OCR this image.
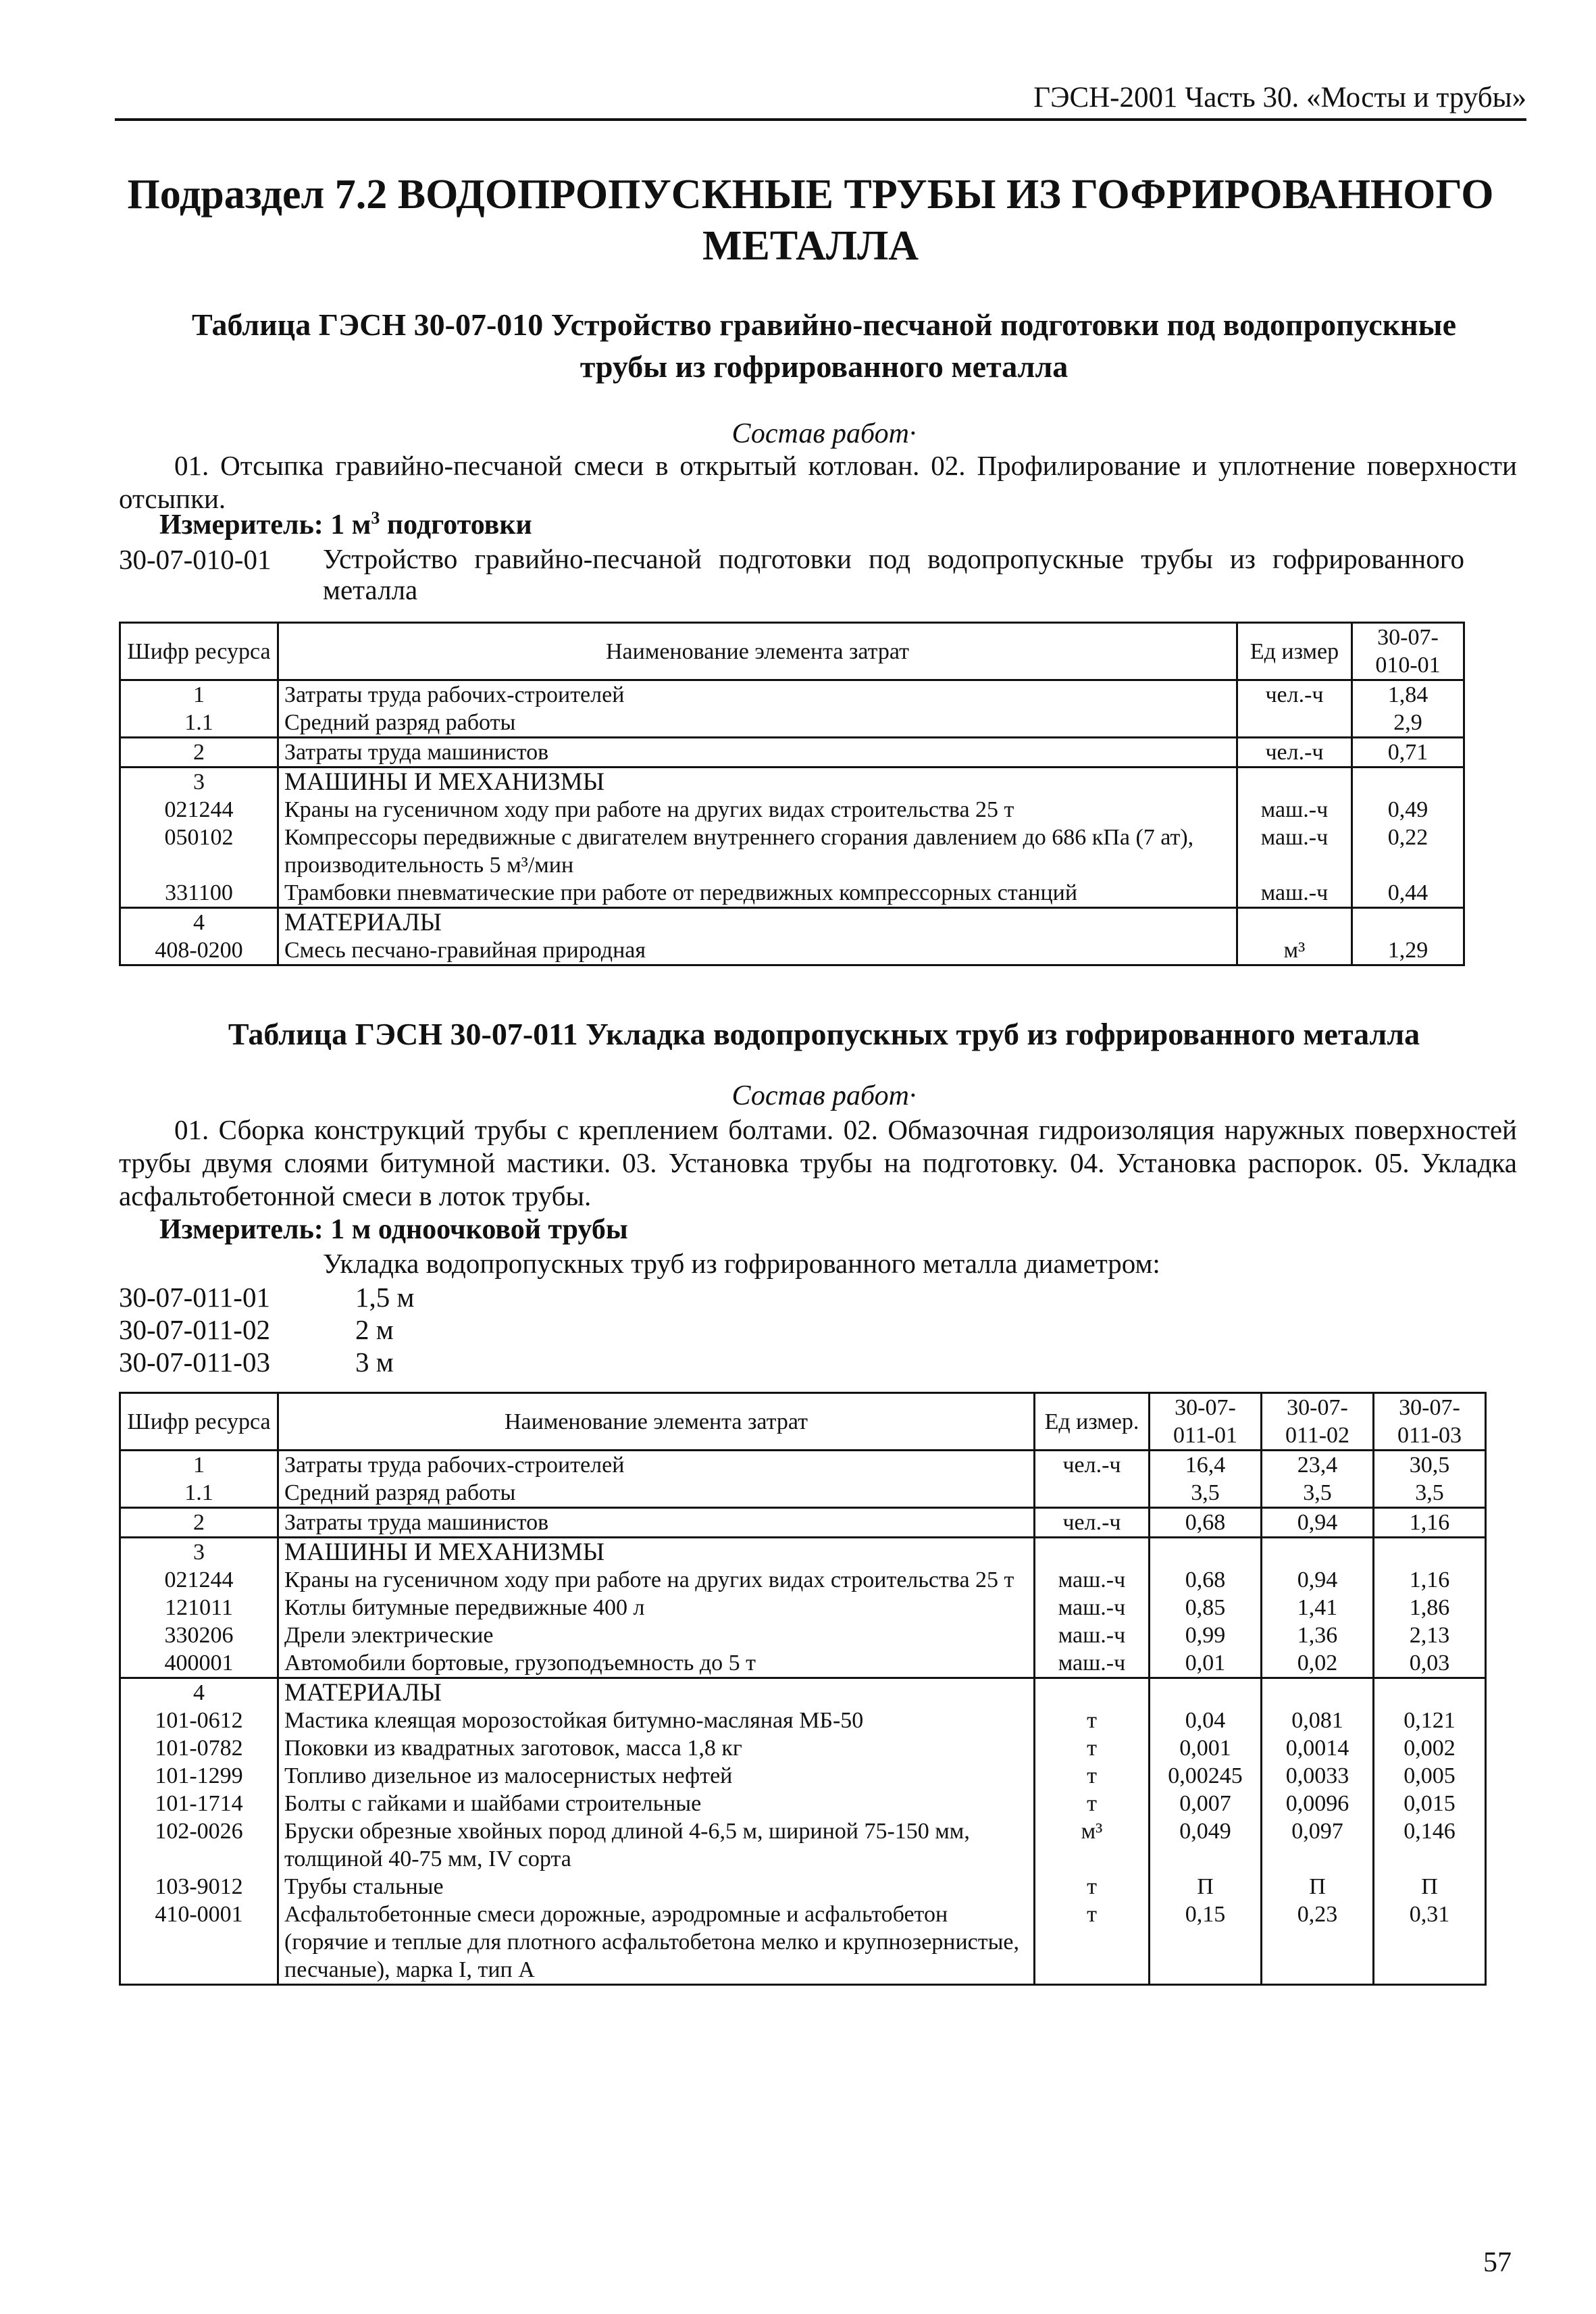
ГЭСН-2001 Часть 30. «Мосты и трубы»
Подраздел 7.2 ВОДОПРОПУСКНЫЕ ТРУБЫ ИЗ ГОФРИРОВАННОГО
МЕТАЛЛА
Таблица ГЭСН 30-07-010 Устройство гравийно-песчаной подготовки под водопропускные
трубы из гофрированного металла
Состав работ·
01. Отсыпка гравийно-песчаной смеси в открытый котлован. 02. Профилирование и уплотнение поверхности отсыпки.
Измеритель: 1 $м^3$ подготовки
30-07-010-01 Устройство гравийно-песчаной подготовки под водопропускные трубы из гофрированного металла
Шифр ресурса	Наименование элемента затрат	Ед измер	30-07-010-01
1	Затраты труда рабочих-строителей	чел.-ч	1,84
1.1	Средний разряд работы		2,9
2	Затраты труда машинистов	чел.-ч	0,71
3	МАШИНЫ И МЕХАНИЗМЫ		
021244	Краны на гусеничном ходу при работе на других видах строительства 25 т	маш.-ч	0,49
050102	Компрессоры передвижные с двигателем внутреннего сгорания давлением до 686 кПа (7 ат), производительность 5 м³/мин	маш.-ч	0,22
331100	Трамбовки пневматические при работе от передвижных компрессорных станций	маш.-ч	0,44
4	МАТЕРИАЛЫ		
408-0200	Смесь песчано-гравийная природная	м³	1,29
Таблица ГЭСН 30-07-011 Укладка водопропускных труб из гофрированного металла
Состав работ·
01. Сборка конструкций трубы с креплением болтами. 02. Обмазочная гидроизоляция наружных поверхностей трубы двумя слоями битумной мастики. 03. Установка трубы на подготовку. 04. Установка распорок. 05. Укладка асфальтобетонной смеси в лоток трубы.
Измеритель: 1 м одноочковой трубы
Укладка водопропускных труб из гофрированного металла диаметром:
30-07-011-01	1,5 м
30-07-011-02	2 м
30-07-011-03	3 м
Шифр ресурса	Наименование элемента затрат	Ед измер.	30-07-011-01	30-07-011-02	30-07-011-03
1	Затраты труда рабочих-строителей	чел.-ч	16,4	23,4	30,5
1.1	Средний разряд работы		3,5	3,5	3,5
2	Затраты труда машинистов	чел.-ч	0,68	0,94	1,16
3	МАШИНЫ И МЕХАНИЗМЫ				
021244	Краны на гусеничном ходу при работе на других видах строительства 25 т	маш.-ч	0,68	0,94	1,16
121011	Котлы битумные передвижные 400 л	маш.-ч	0,85	1,41	1,86
330206	Дрели электрические	маш.-ч	0,99	1,36	2,13
400001	Автомобили бортовые, грузоподъемность до 5 т	маш.-ч	0,01	0,02	0,03
4	МАТЕРИАЛЫ				
101-0612	Мастика клеящая морозостойкая битумно-масляная МБ-50	т	0,04	0,081	0,121
101-0782	Поковки из квадратных заготовок, масса 1,8 кг	т	0,001	0,0014	0,002
101-1299	Топливо дизельное из малосернистых нефтей	т	0,00245	0,0033	0,005
101-1714	Болты с гайками и шайбами строительные	т	0,007	0,0096	0,015
102-0026	Бруски обрезные хвойных пород длиной 4-6,5 м, шириной 75-150 мм, толщиной 40-75 мм, IV сорта	м³	0,049	0,097	0,146
103-9012	Трубы стальные	т	П	П	П
410-0001	Асфальтобетонные смеси дорожные, аэродромные и асфальтобетон (горячие и теплые для плотного асфальтобетона мелко и крупнозернистые, песчаные), марка I, тип А	т	0,15	0,23	0,31
57
